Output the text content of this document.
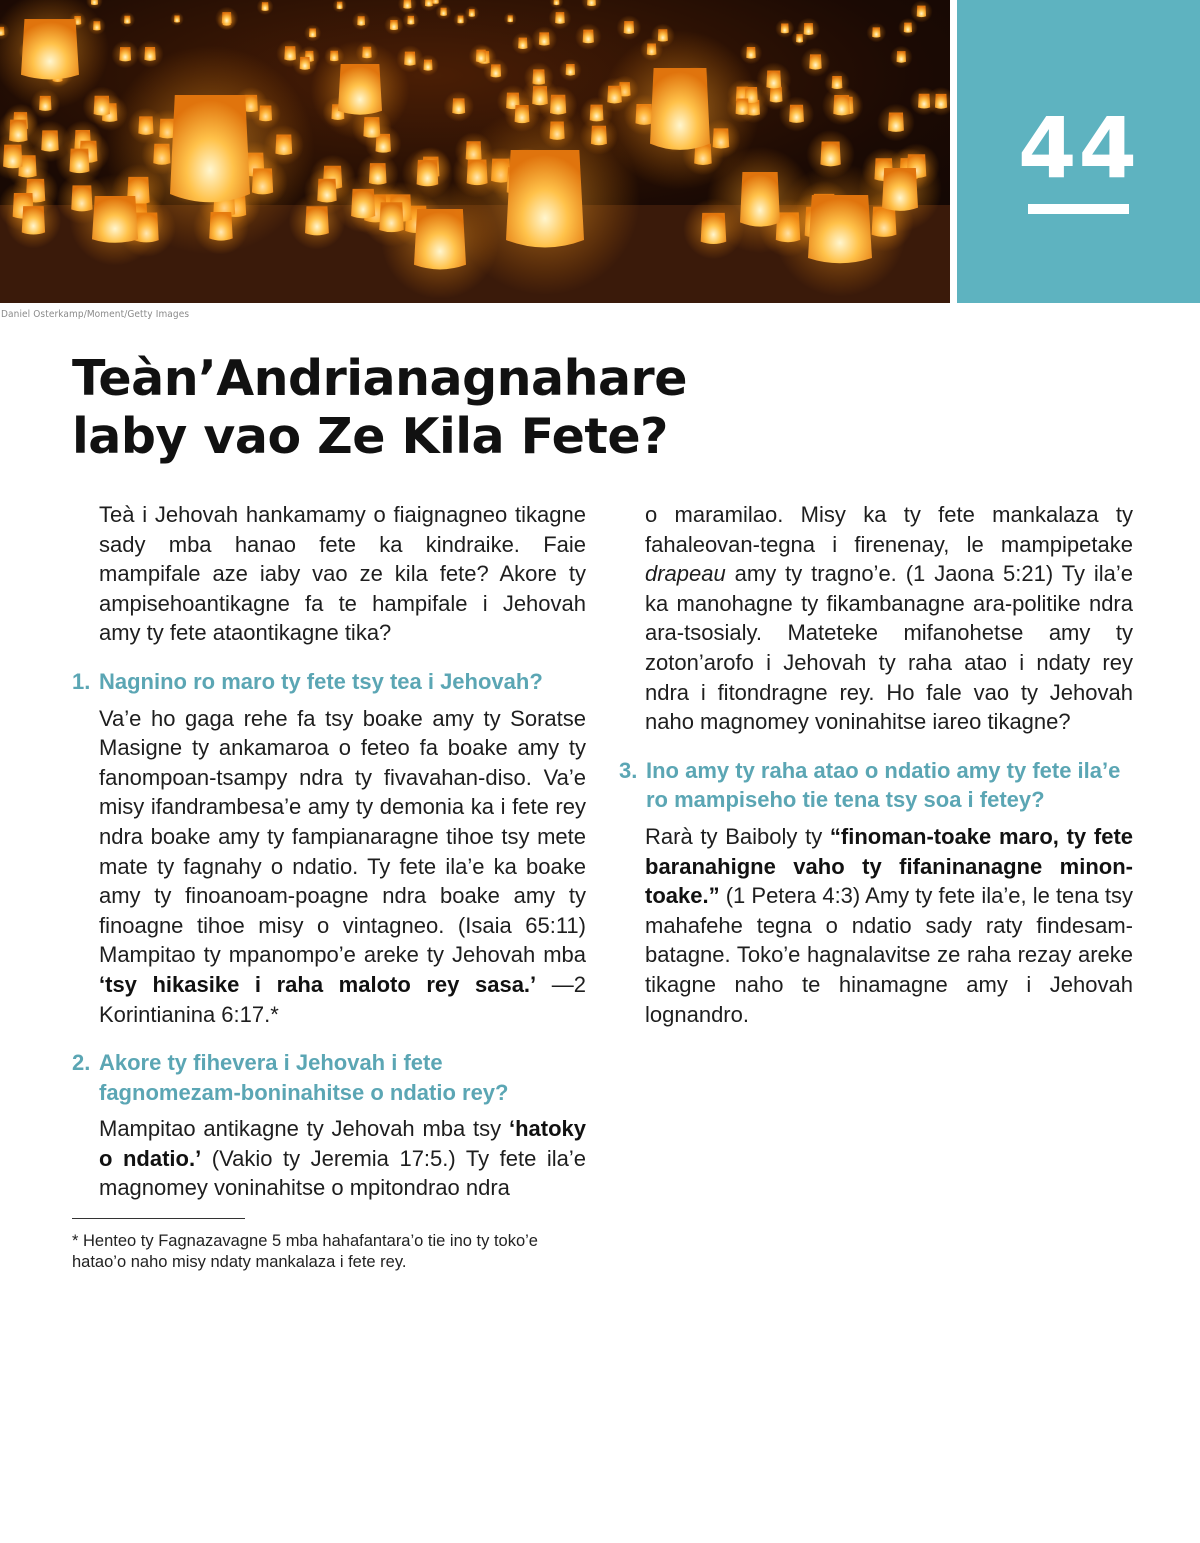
44
Daniel Osterkamp/Moment/Getty Images
Teàn’Andrianagnahare
laby vao Ze Kila Fete?

Teà i Jehovah hankamamy o fiaignagneo tikagne sady mba hanao fete ka kindraike. Faie mampifale aze iaby vao ze kila fete? Akore ty ampisehoantikagne fa te hampifale i Jehovah amy ty fete ataontikagne tika?

1. Nagnino ro maro ty fete tsy tea i Jehovah?

Va’e ho gaga rehe fa tsy boake amy ty Soratse Masigne ty ankamaroa o feteo fa boake amy ty fanompoan-tsampy ndra ty fivavahan-diso. Va’e misy ifandrambesa’e amy ty demonia ka i fete rey ndra boake amy ty fampianaragne tihoe tsy mete mate ty fagnahy o ndatio. Ty fete ila’e ka boake amy ty finoanoam-poagne ndra boake amy ty finoagne tihoe misy o vintagneo. (Isaia 65:11) Mampitao ty mpanompo’e areke ty Jehovah mba ‘tsy hikasike i raha maloto rey sasa.’ —2 Korintianina 6:17.*

2. Akore ty fihevera i Jehovah i fete fagnomezam-boninahitse o ndatio rey?

Mampitao antikagne ty Jehovah mba tsy ‘hatoky o ndatio.’ (Vakio ty Jeremia 17:5.) Ty fete ila’e magnomey voninahitse o mpitondrao ndra

* Henteo ty Fagnazavagne 5 mba hahafantara’o tie ino ty toko’e hatao’o naho misy ndaty mankalaza i fete rey.

o maramilao. Misy ka ty fete mankalaza ty fahaleovan-tegna i firenenay, le mampipetake drapeau amy ty tragno’e. (1 Jaona 5:21) Ty ila’e ka manohagne ty fikambanagne ara-politike ndra ara-tsosialy. Mateteke mifanohetse amy ty zoton’arofo i Jehovah ty raha atao i ndaty rey ndra i fitondragne rey. Ho fale vao ty Jehovah naho magnomey voninahitse iareo tikagne?

3. Ino amy ty raha atao o ndatio amy ty fete ila’e ro mampiseho tie tena tsy soa i fetey?

Rarà ty Baiboly ty “finoman-toake maro, ty fete baranahigne vaho ty fifaninanagne minon-toake.” (1 Petera 4:3) Amy ty fete ila’e, le tena tsy mahafehe tegna o ndatio sady raty findesam-batagne. Toko’e hagnalavitse ze raha rezay areke tikagne naho te hinamagne amy i Jehovah lognandro.
